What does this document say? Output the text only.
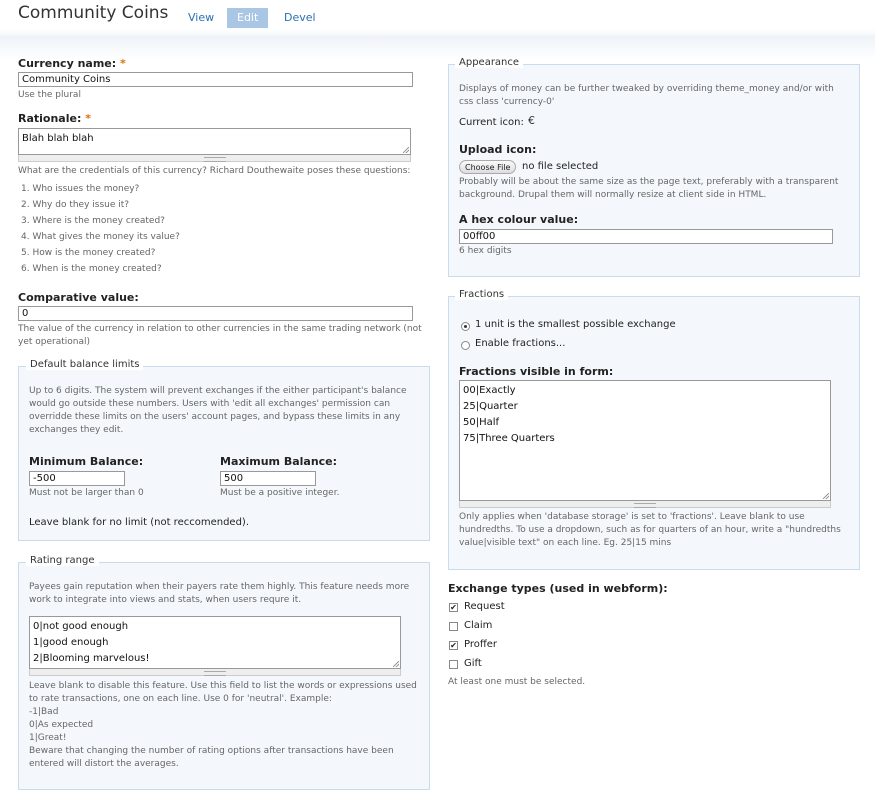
Community Coins	View	Edit	Devel
Currency name: *
Community Coins
Use the plural
Rationale: *
Blah blah blah
What are the credentials of this currency? Richard Douthewaite poses these questions:
1. Who issues the money?
2. Why do they issue it?
3. Where is the money created?
4. What gives the money its value?
5. How is the money created?
6. When is the money created?
Comparative value:
0
The value of the currency in relation to other currencies in the same trading network (not
yet operational)
Default balance limits
Up to 6 digits. The system will prevent exchanges if the either participant's balance
would go outside these numbers. Users with 'edit all exchanges' permission can
overridde these limits on the users' account pages, and bypass these limits in any
exchanges they edit.
Minimum Balance:
-500
Must not be larger than 0
Maximum Balance:
500
Must be a positive integer.
Leave blank for no limit (not reccomended).
Rating range
Payees gain reputation when their payers rate them highly. This feature needs more
work to integrate into views and stats, when users requre it.
0|not good enough
1|good enough
2|Blooming marvelous!
Leave blank to disable this feature. Use this field to list the words or expressions used
to rate transactions, one on each line. Use 0 for 'neutral'. Example:
-1|Bad
0|As expected
1|Great!
Beware that changing the number of rating options after transactions have been
entered will distort the averages.
Appearance
Displays of money can be further tweaked by overriding theme_money and/or with
css class 'currency-0'
Current icon: €
Upload icon:
Choose File	no file selected
Probably will be about the same size as the page text, preferably with a transparent
background. Drupal them will normally resize at client side in HTML.
A hex colour value:
00ff00
6 hex digits
Fractions
1 unit is the smallest possible exchange
Enable fractions...
Fractions visible in form:
00|Exactly
25|Quarter
50|Half
75|Three Quarters
Only applies when 'database storage' is set to 'fractions'. Leave blank to use
hundredths. To use a dropdown, such as for quarters of an hour, write a "hundredths
value|visible text" on each line. Eg. 25|15 mins
Exchange types (used in webform):
✔ Request
Claim
✔ Proffer
Gift
At least one must be selected.
